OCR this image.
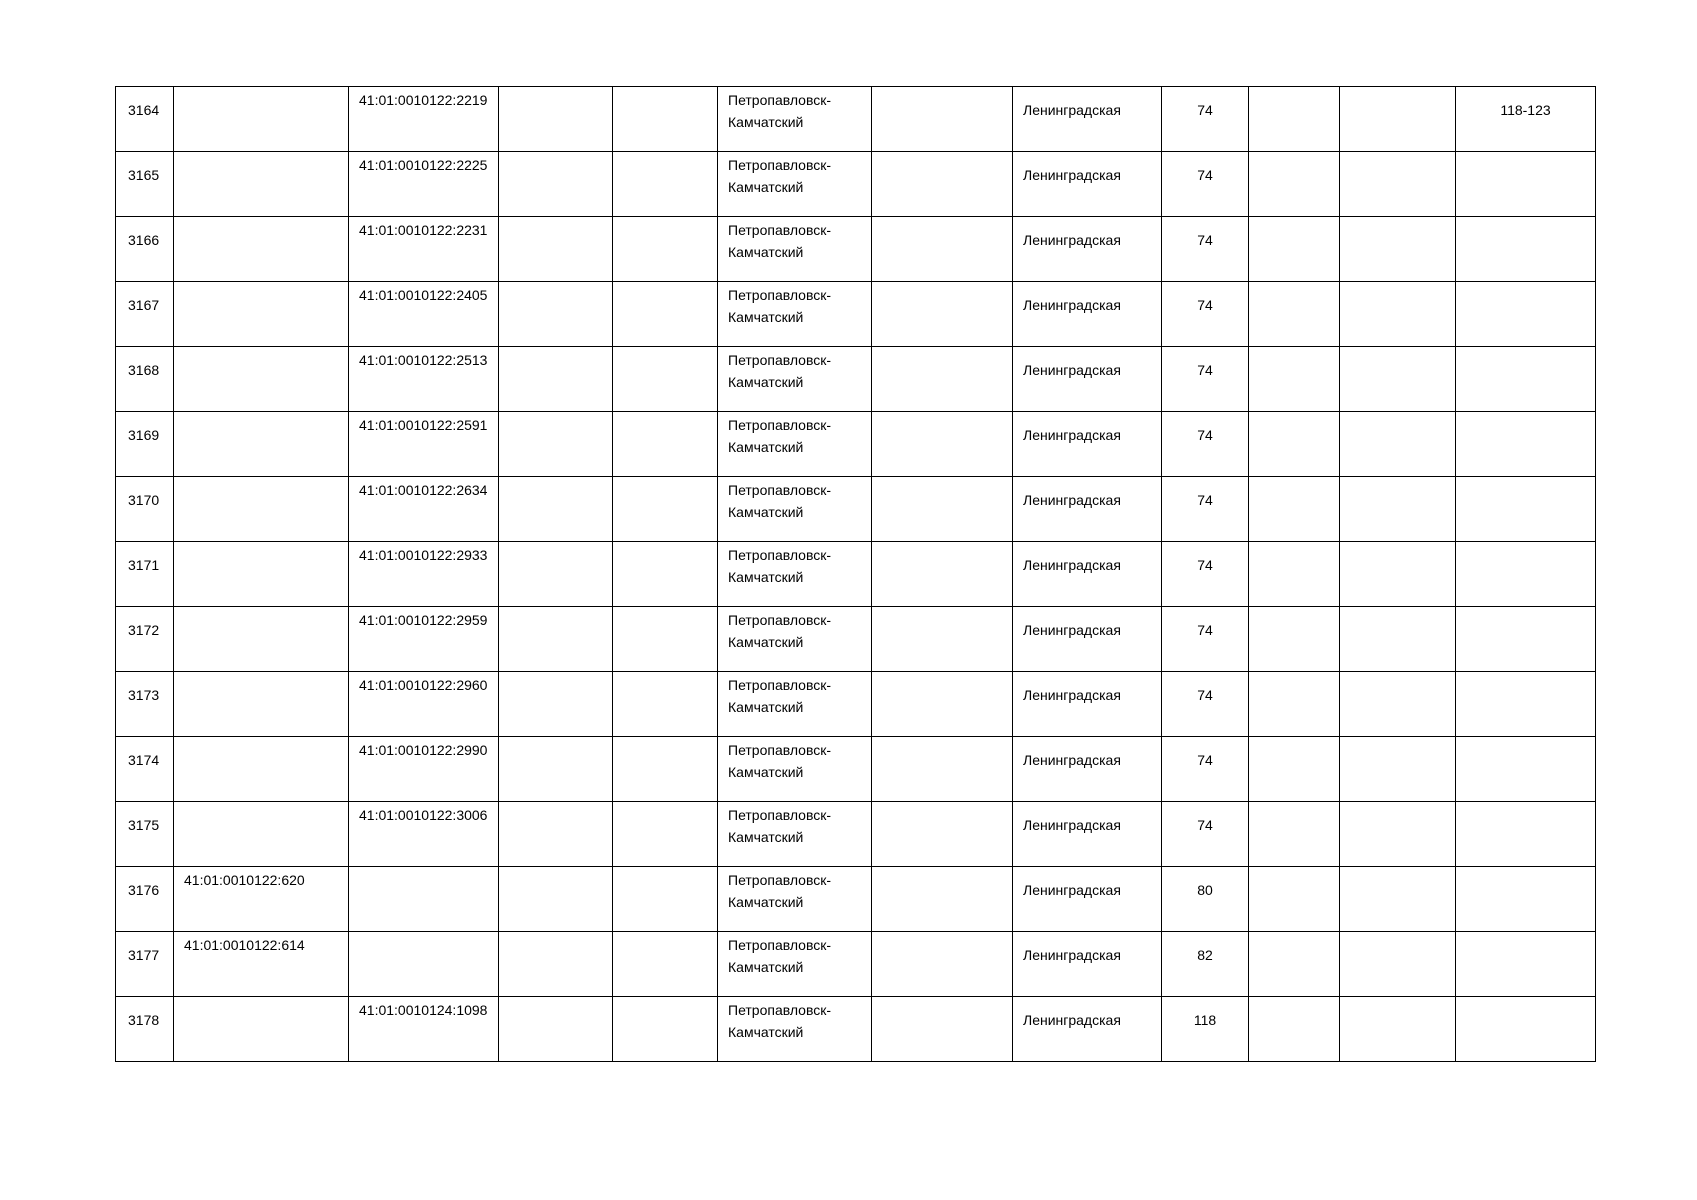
3164		41:01:0010122:2219			Петропавловск-Камчатский		Ленинградская	74			118-123

3165		41:01:0010122:2225			Петропавловск-Камчатский		Ленинградская	74			

3166		41:01:0010122:2231			Петропавловск-Камчатский		Ленинградская	74			

3167		41:01:0010122:2405			Петропавловск-Камчатский		Ленинградская	74			

3168		41:01:0010122:2513			Петропавловск-Камчатский		Ленинградская	74			

3169		41:01:0010122:2591			Петропавловск-Камчатский		Ленинградская	74			

3170		41:01:0010122:2634			Петропавловск-Камчатский		Ленинградская	74			

3171		41:01:0010122:2933			Петропавловск-Камчатский		Ленинградская	74			

3172		41:01:0010122:2959			Петропавловск-Камчатский		Ленинградская	74			

3173		41:01:0010122:2960			Петропавловск-Камчатский		Ленинградская	74			

3174		41:01:0010122:2990			Петропавловск-Камчатский		Ленинградская	74			

3175		41:01:0010122:3006			Петропавловск-Камчатский		Ленинградская	74			

3176	41:01:0010122:620				Петропавловск-Камчатский		Ленинградская	80			

3177	41:01:0010122:614				Петропавловск-Камчатский		Ленинградская	82			

3178		41:01:0010124:1098			Петропавловск-Камчатский		Ленинградская	118			
